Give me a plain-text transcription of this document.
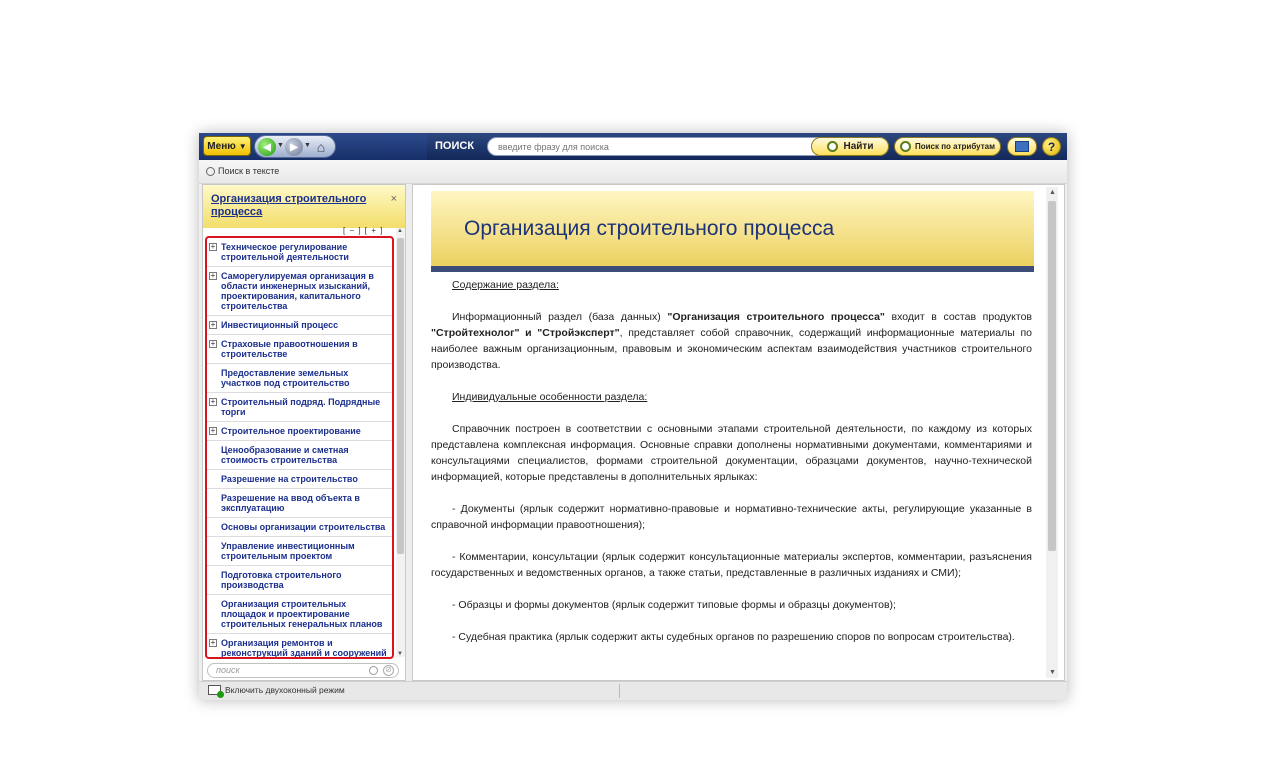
Меню ▼	◀ ▼ ▶ ▼ ⌂	ПОИСК
введите фразу для поиска	Найти	Поиск по атрибутам	?
Поиск в тексте
Организация строительного процесса
×
[ − ] [ + ]
+ Техническое регулирование строительной деятельности
+ Саморегулируемая организация в области инженерных изысканий, проектирования, капитального строительства
+ Инвестиционный процесс
+ Страховые правоотношения в строительстве
Предоставление земельных участков под строительство
+ Строительный подряд. Подрядные торги
+ Строительное проектирование
Ценообразование и сметная стоимость строительства
Разрешение на строительство
Разрешение на ввод объекта в эксплуатацию
Основы организации строительства
Управление инвестиционным строительным проектом
Подготовка строительного производства
Организация строительных площадок и проектирование строительных генеральных планов
+ Организация ремонтов и реконструкций зданий и сооружений
▲
▼
поиск	⊘
Организация строительного процесса

Содержание раздела:

Информационный раздел (база данных) "Организация строительного процесса" входит в состав продуктов "Стройтехнолог" и "Стройэксперт", представляет собой справочник, содержащий информационные материалы по наиболее важным организационным, правовым и экономическим аспектам взаимодействия участников строительного производства.

Индивидуальные особенности раздела:

Справочник построен в соответствии с основными этапами строительной деятельности, по каждому из которых представлена комплексная информация. Основные справки дополнены нормативными документами, комментариями и консультациями специалистов, формами строительной документации, образцами документов, научно-технической информацией, которые представлены в дополнительных ярлыках:

- Документы (ярлык содержит нормативно-правовые и нормативно-технические акты, регулирующие указанные в справочной информации правоотношения);

- Комментарии, консультации (ярлык содержит консультационные материалы экспертов, комментарии, разъяснения государственных и ведомственных органов, а также статьи, представленные в различных изданиях и СМИ);

- Образцы и формы документов (ярлык содержит типовые формы и образцы документов);

- Судебная практика (ярлык содержит акты судебных органов по разрешению споров по вопросам строительства).

▲
▼
Включить двухоконный режим
